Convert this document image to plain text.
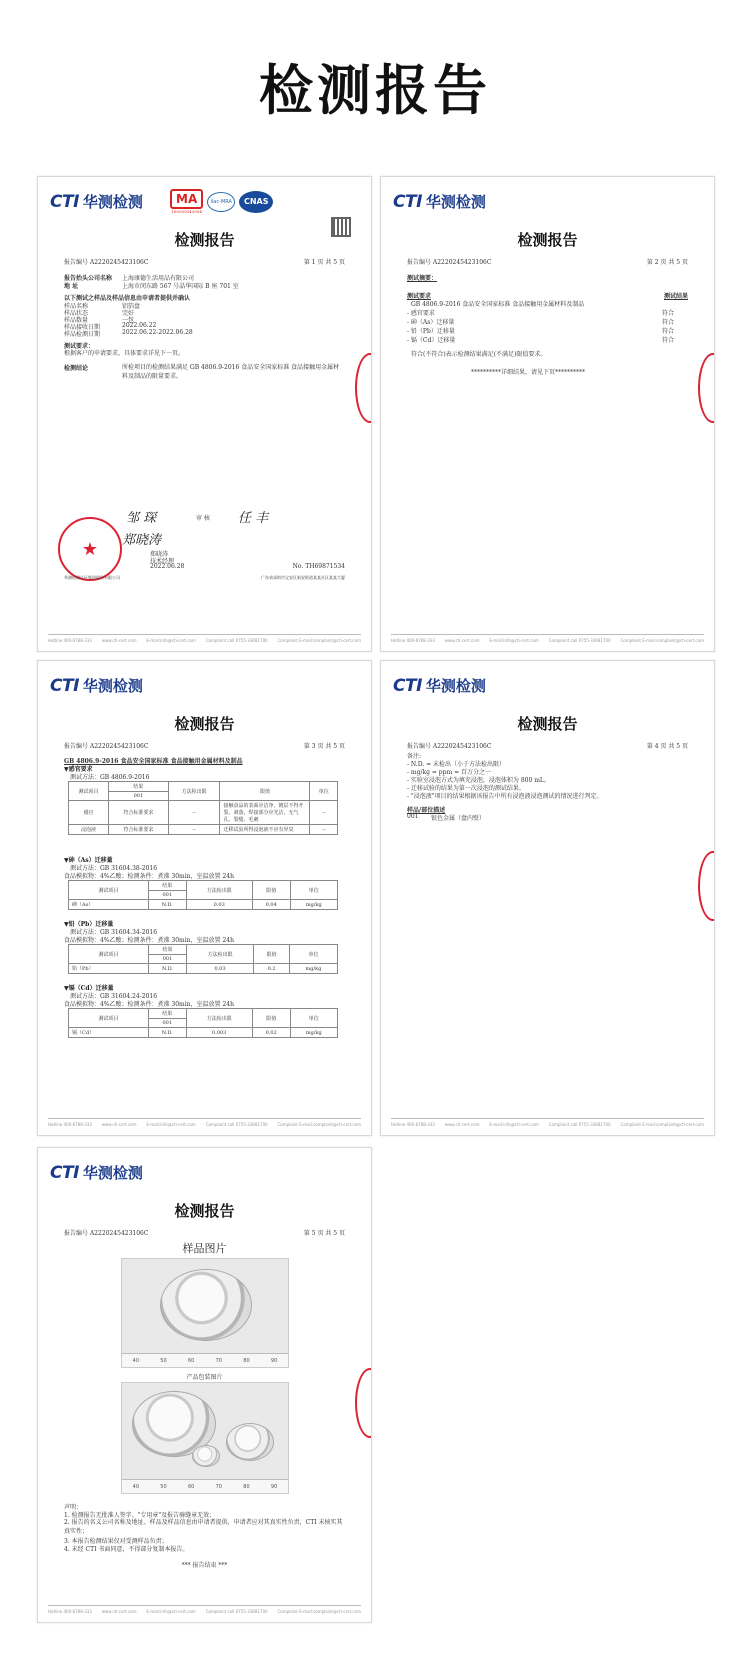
检测报告
CTI 华测检测	MA
160009343904
ilac-MRA	CNAS
检测报告
报告编号 A2220245423106C	第 1 页 共 5 页
报告抬头公司名称 上海康德生活用品有限公司
地 址	上海市闵东路 567 号晶华国际 B 座 701 室
以下测试之样品及样品信息由申请者提供并确认
样品名称	铝箔盘
样品状态	完好
样品数量	一包
样品接收日期	2022.06.22
样品检测日期	2022.06.22-2022.06.28
测试要求：
根据客户的申请要求，具体要求详见下一页。
检测结论	所检项目的检测结果满足 GB 4806.9-2016 食品安全国家标准 食品接触用金属材料及制品的限量要求。
邹 琛	审 核 任 丰
郑晓涛
★	郑晓涛
技术经理
2022.06.28	No. TH69871534
华测检测认证集团股份有限公司	广东省深圳市宝安区新安街道某某社区某某大厦
Hotline 400-6788-333 www.cti-cert.com E-mail:info@cti-cert.com Complaint call 0755-33681700 Complaint E-mail:complaint@cti-cert.com
CTI 华测检测
检测报告
报告编号 A2220245423106C	第 2 页 共 5 页
测试摘要：
测试要求	测试结果
GB 4806.9-2016 食品安全国家标准 食品接触用金属材料及制品
- 感官要求	符合
- 砷（As）迁移量	符合
- 铅（Pb）迁移量	符合
- 镉（Cd）迁移量	符合
符合(不符合)表示检测结果满足(不满足)限值要求。
**********详细结果，请见下页**********
Hotline 400-6788-333 www.cti-cert.com E-mail:info@cti-cert.com Complaint call 0755-33681700 Complaint E-mail:complaint@cti-cert.com
CTI 华测检测
检测报告
报告编号 A2220245423106C	第 3 页 共 5 页
GB 4806.9-2016 食品安全国家标准 食品接触用金属材料及制品
▼感官要求
测试方法：GB 4806.9-2016
测试项目	结果	方法检出限	限值	单位
	001			
感官	符合标准要求	--	接触食品的表面应洁净，镀层不得开裂、剥落，焊接部分应光洁，无气孔、裂缝、毛刺	--
浸泡液	符合标准要求	--	迁移试验所得浸泡液不应有异臭	--
▼砷（As）迁移量
测试方法：GB 31604.38-2016
食品模拟物：4%乙酸；检测条件：煮沸 30min，室温放置 24h
测试项目	结果	方法检出限	限值	单位
	001			
砷（As）	N.D.	0.03	0.04	mg/kg
▼铅（Pb）迁移量
测试方法：GB 31604.34-2016
食品模拟物：4%乙酸；检测条件：煮沸 30min，室温放置 24h
测试项目	结果	方法检出限	限值	单位
	001			
铅（Pb）	N.D.	0.03	0.2	mg/kg
▼镉（Cd）迁移量
测试方法：GB 31604.24-2016
食品模拟物：4%乙酸；检测条件：煮沸 30min，室温放置 24h
测试项目	结果	方法检出限	限值	单位
	001			
镉（Cd）	N.D.	0.003	0.02	mg/kg
Hotline 400-6788-333 www.cti-cert.com E-mail:info@cti-cert.com Complaint call 0755-33681700 Complaint E-mail:complaint@cti-cert.com
CTI 华测检测
检测报告
报告编号 A2220245423106C	第 4 页 共 5 页
备注:
- N.D. = 未检出（小于方法检出限）
- mg/kg = ppm = 百万分之一
- 实验室浸泡方式为填充浸泡，浸泡体积为 800 mL。
- 迁移试验的结果为第一次浸泡的测试结果。
- "浸泡液"项目的结果根据该报告中所有浸泡液浸泡测试的情况进行判定。
样品/部位描述
001 银色金属（盘内壁）
Hotline 400-6788-333 www.cti-cert.com E-mail:info@cti-cert.com Complaint call 0755-33681700 Complaint E-mail:complaint@cti-cert.com
CTI 华测检测
检测报告
报告编号 A2220245423106C	第 5 页 共 5 页
样品图片
40	50	60	70	80	90
产品包装图片
40	50	60	70	80	90
声明：
1. 检测报告无批准人签字、"专用章"及报告骑缝章无效；
2. 报告的名义公司名称及地址、样品及样品信息由申请者提供，申请者应对其真实性负责，CTI 未核实其真实性；
3. 本报告检测结果仅对受测样品负责；
4. 未经 CTI 书面同意，不得部分复制本报告。
*** 报告结束 ***
Hotline 400-6788-333 www.cti-cert.com E-mail:info@cti-cert.com Complaint call 0755-33681700 Complaint E-mail:complaint@cti-cert.com
